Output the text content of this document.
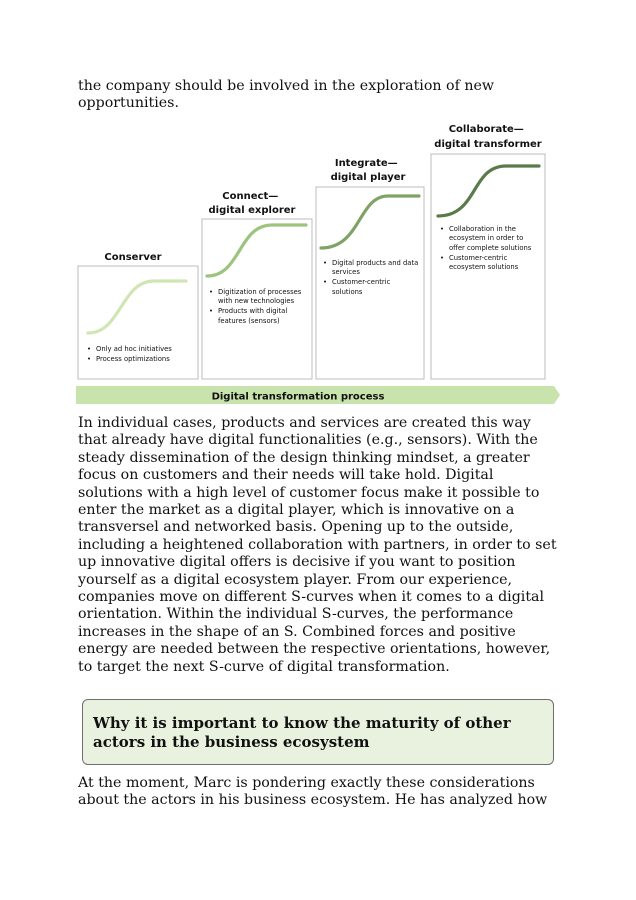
the company should be involved in the exploration of new opportunities.

Digital transformation process
Conserver
• Only ad hoc initiatives • Process optimizations
Connect— digital explorer
• Digitization of processes with new technologies • Products with digital features (sensors)
Integrate— digital player
• Digital products and data services • Customer-centric solutions
Collaborate— digital transformer
• Collaboration in the ecosystem in order to offer complete solutions • Customer-centric ecosystem solutions

In individual cases, products and services are created this way that already have digital functionalities (e.g., sensors). With the steady dissemination of the design thinking mindset, a greater focus on customers and their needs will take hold. Digital solutions with a high level of customer focus make it possible to enter the market as a digital player, which is innovative on a transversel and networked basis. Opening up to the outside, including a heightened collaboration with partners, in order to set up innovative digital offers is decisive if you want to position yourself as a digital ecosystem player. From our experience, companies move on different S-curves when it comes to a digital orientation. Within the individual S-curves, the performance increases in the shape of an S. Combined forces and positive energy are needed between the respective orientations, however, to target the next S-curve of digital transformation.

Why it is important to know the maturity of other actors in the business ecosystem

At the moment, Marc is pondering exactly these considerations about the actors in his business ecosystem. He has analyzed how
